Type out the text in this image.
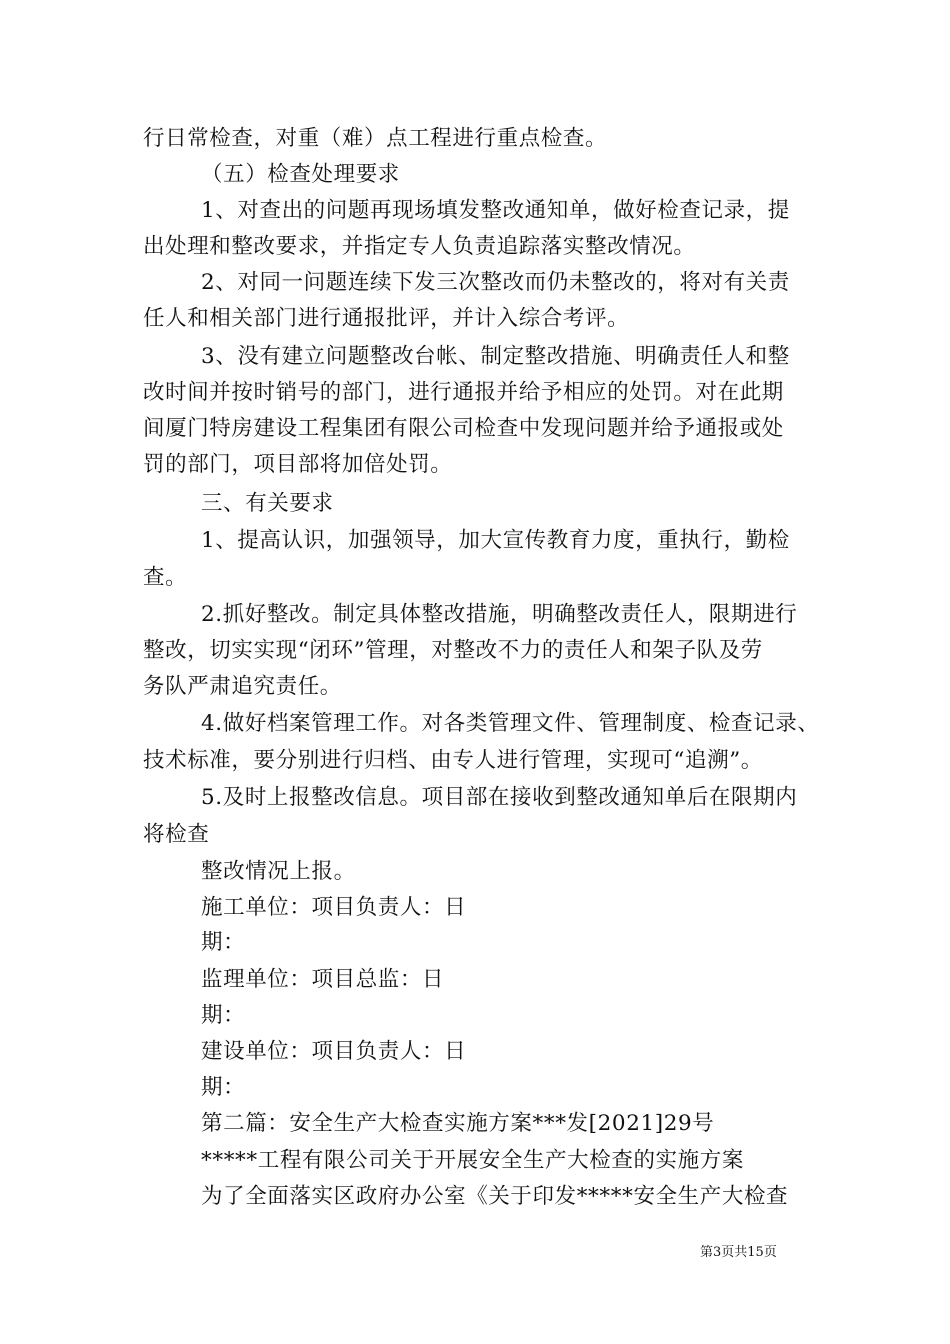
行日常检查，对重（难）点工程进行重点检查。
（五）检查处理要求
1、对查出的问题再现场填发整改通知单，做好检查记录，提
出处理和整改要求，并指定专人负责追踪落实整改情况。
2、对同一问题连续下发三次整改而仍未整改的，将对有关责
任人和相关部门进行通报批评，并计入综合考评。
3、没有建立问题整改台帐、制定整改措施、明确责任人和整
改时间并按时销号的部门，进行通报并给予相应的处罚。对在此期
间厦门特房建设工程集团有限公司检查中发现问题并给予通报或处
罚的部门，项目部将加倍处罚。
三、有关要求
1、提高认识，加强领导，加大宣传教育力度，重执行，勤检
查。
2.抓好整改。制定具体整改措施，明确整改责任人，限期进行
整改，切实实现“闭环”管理，对整改不力的责任人和架子队及劳
务队严肃追究责任。
4.做好档案管理工作。对各类管理文件、管理制度、检查记录、
技术标准，要分别进行归档、由专人进行管理，实现可“追溯”。
5.及时上报整改信息。项目部在接收到整改通知单后在限期内
将检查
整改情况上报。
施工单位：项目负责人：日
期：
监理单位：项目总监：日
期：
建设单位：项目负责人：日
期：
第二篇：安全生产大检查实施方案***发[2021]29号
*****工程有限公司关于开展安全生产大检查的实施方案
为了全面落实区政府办公室《关于印发*****安全生产大检查
第3页共15页
